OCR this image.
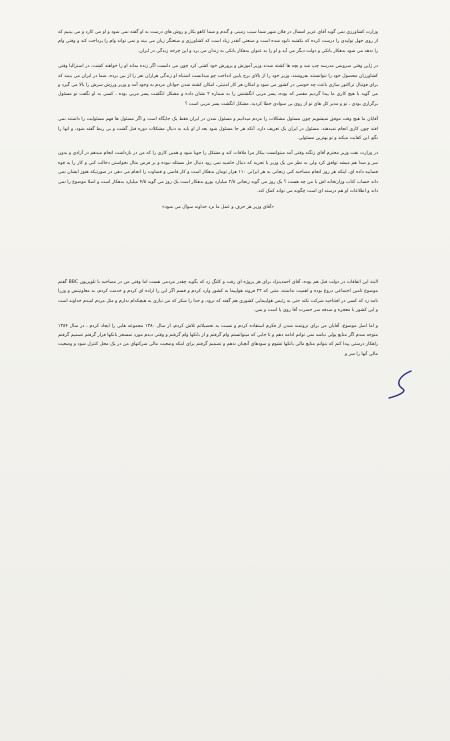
وزارت کشاورزی نمی گوید آقای عزیز امسال در فلان شهر شما سیب زمینی و گندم و شما کاهو بکار و روش های درست به او گفته نمی شود و او می کارد و می بینیم که از روی جهل تولیدی را درست کرده که یکشبه نابود شده است و صنعتی آنقدر زیاد است که کشاورزی و صنعتگر زیان می بیند و نمی تواند وام را پرداخت کند و وقتی وام را ندهد می شود بدهکار بانکی و دولت دیگر می آید و او را به عنوان بدهکار بانکی به زندان می برد و این چرخه زندگی در ایران.

در ژاپن وقتی سرویس مدرسه چپ شد و بچه ها کشته شدند وزیر آموزش و پرورش خود کشی کرد چون می دانست اگر زنده بماند او را خواهند کشت، در استرالیا وقتی کشاورزان محصول خود را نتوانستند بفروشند، وزیر خود را از بالای برج پایین انداخت چو میدانست اشتباه او زندگی هزاران نفر را از بین برده، شما در ایران می بینید که برای فوتبال تراکتور سازی باعث چه خوشی در کشور می شود و امکان هر کار امنیتی، امکان کشته شدن جوانان مردم به وجود آمد و وزیر ورزش سرش را بالا می گیرد و می گوید با هیچ کاری ما پیدا گردیم مقصر که بوده، پسر مربی انگشتش را به شماره ۲ نشان داده و مشکل انگشت پسر مربی بوده ، کسی به او نگفت تو مسئول برگزاری بودی ، تو و مدیر کل های تو از روی بی سوادی خطا کردید، مشکل انگشت پسر مربی است ؟

آقایان ما هیچ وقت موفق نمیشویم چون مسئول مشکلات را مردم میدانیم و مسئول شدن در ایران فقط یک جایگاه است و اگر مسئول ها فهم مسئولیت را داشتند نمی افتد چون کاری انجام نمیدهند. مسئول در ایران یک تعریف دارد، آنکه هر جا مسئول شود بعد از او باید به دنبال مشکلات دوره قبل گشت و بی ربط گفته شود، و انها را نگو، این کفایت میکند و تو بهترین مسئولی.

در وزارت نفت وزیر محترم آقای زنگنه وقتی آمد میتوانست بیکار مرا ملاقات کند و مشکل را جویا شود و همین کاری را که من در بازداشت انجام میدهم در آزادی و بدون سر و صدا هم میشد توافق کرد ولی به نظر من یک وزیر با تجربه که دنبال حاشیه نمی رود دنبال حل مسئله نبوده و بر فرض مثال نخواستن دخالت کنی و کار را به قوه قضاییه داده ای، اینکه هر روز انجام مصاحبه کنی زنجانی به هر ایرانی ۱۱۰ هزار تومان بدهکار است و کار قاضی و قضاوت را انجام می دهی در صورتیکه هنوز ایشان نمی داند حساب کتاب وزارتخانه اش با من چه هست ؟ یک روز می گوید زنجانی ۲/۸ میلیارد یورو بدهکار است یک روز می گوید ۴/۵ میلیارد بدهکار است و اصلا موضوع را نمی داند و اطلاعات او هم درسته ای است چگونه می تواند کمک کند.

«آقای وزیر هر حرف و عمل ما نزد خداوند سوال می شود»

البته این اتفاقات در دولت قبل هم بوده، آقای احمدینژاد برای هر پروژه ای رفت و کلنگ زد که بگوید چقدر مردمی هست اما وقتی من در مصاحبه با تلویزیون BBC گفتم موضوع تامین اجتماعی دروغ بوده و اهمیت نداشته، متنی که ۲۲ فروند هواپیما به کشور وارد کردم و قسم اگر این را اراده ای کردم و خدمت کردم، به معاونینش و وزرا نامه زد که کسی در افتتاحیه شرکت نکند حتی به رئیس هواپیمایی کشوری هم گفته که نرود، و خدا را شکر که من نیازی به هیچکدام ندارم و مثل مردم امیدم خداوند است و این کشور با معجزه و صدقه سر حضرت آقا روی پا است و بس.

و اما اصل موضوع، آقایان من برای تروتمند شدن از فکرم استفاده کردم و نسبت به تحصیلاتم تلاش کردم، از سال ۱۳۸۰ مجموعه هایی را ایجاد کردم ، در سال ۱۳۸۴ متوجه شدم اگر منابع پولی نباشد نمی توانم ادامه دهم و تا جایی که میتوانستم وام گرفتم و از بانکها وام گرفتم و وقتی دیدم مورد تمسخر بانکها قرار گرفتم تصمیم گرفتم راهکار درستی پیدا کنم که بتوانم منابع مالی بانکها تشوم و سودهای آنچنان ندهم و تصمیم گرفتم برای اینکه وضعیت مالی شرکتهای من در یک محل کنترل شود و وضعیت مالی آنها را سر و
